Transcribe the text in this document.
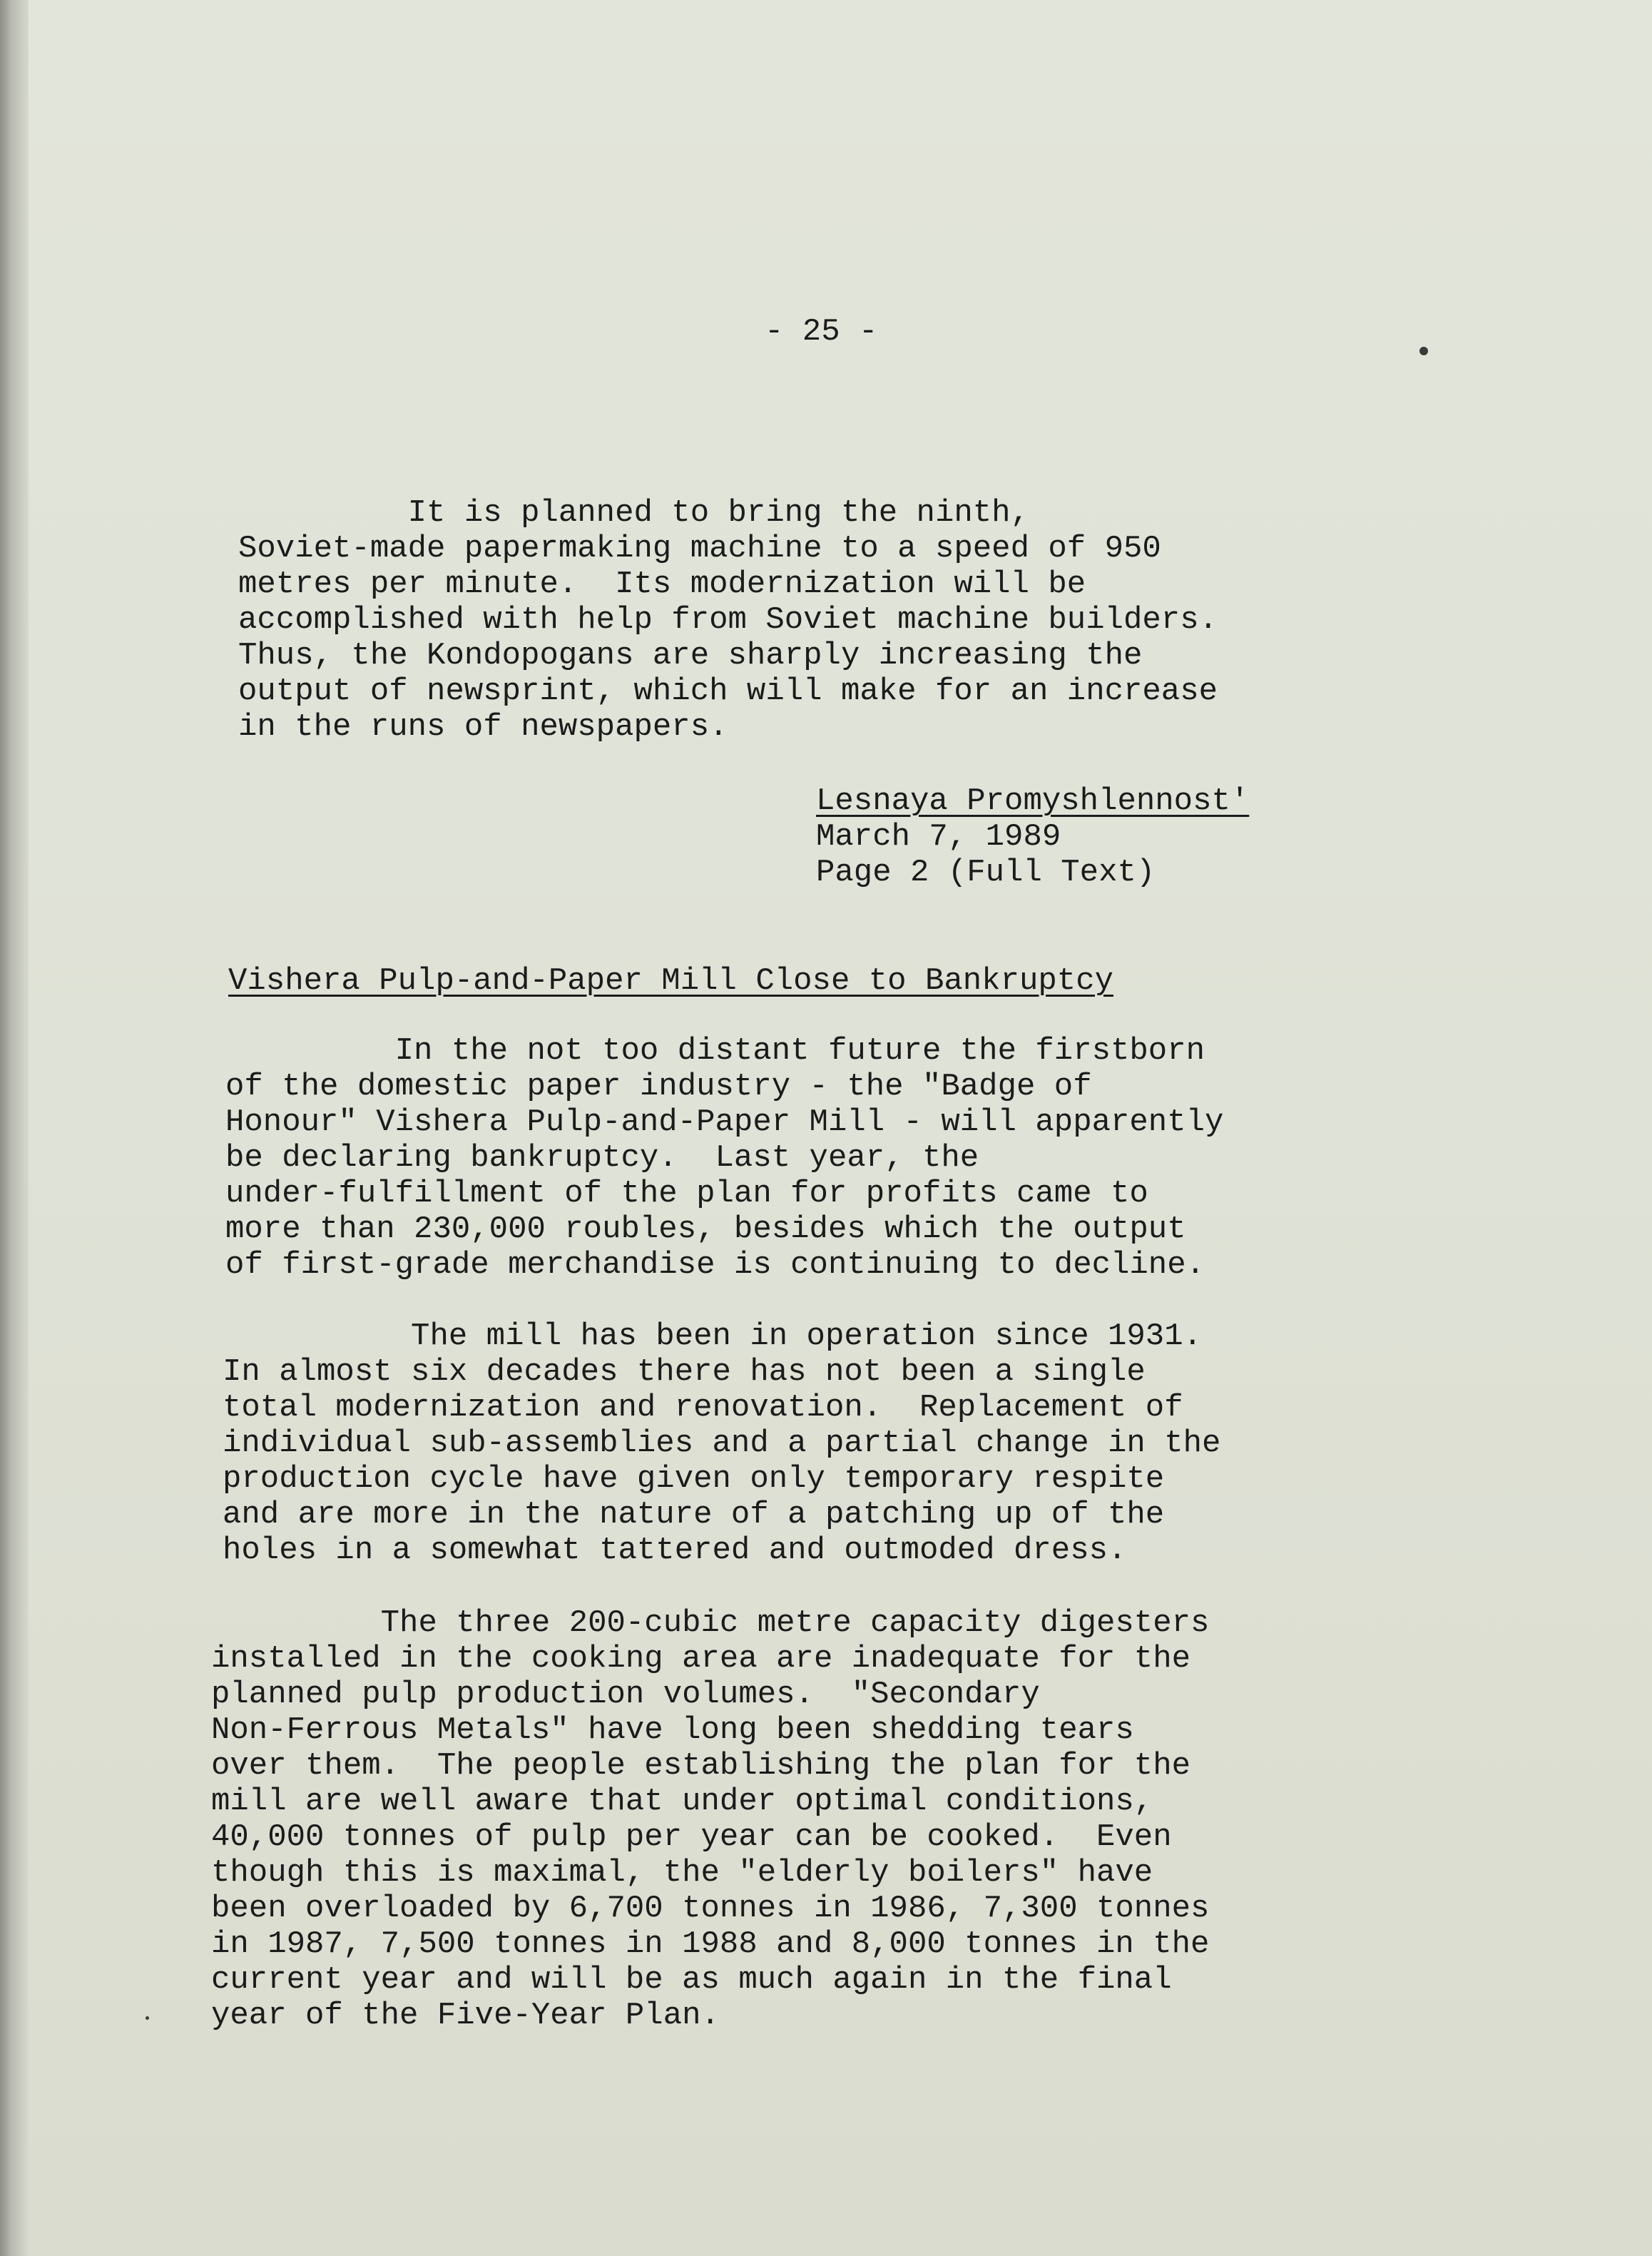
- 25 -
It is planned to bring the ninth,
Soviet-made papermaking machine to a speed of 950
metres per minute.  Its modernization will be
accomplished with help from Soviet machine builders.
Thus, the Kondopogans are sharply increasing the
output of newsprint, which will make for an increase
in the runs of newspapers.
Lesnaya Promyshlennost'
March 7, 1989
Page 2 (Full Text)
Vishera Pulp-and-Paper Mill Close to Bankruptcy
In the not too distant future the firstborn
of the domestic paper industry - the "Badge of
Honour" Vishera Pulp-and-Paper Mill - will apparently
be declaring bankruptcy.  Last year, the
under-fulfillment of the plan for profits came to
more than 230,000 roubles, besides which the output
of first-grade merchandise is continuing to decline.
The mill has been in operation since 1931.
In almost six decades there has not been a single
total modernization and renovation.  Replacement of
individual sub-assemblies and a partial change in the
production cycle have given only temporary respite
and are more in the nature of a patching up of the
holes in a somewhat tattered and outmoded dress.
The three 200-cubic metre capacity digesters
installed in the cooking area are inadequate for the
planned pulp production volumes.  "Secondary
Non-Ferrous Metals" have long been shedding tears
over them.  The people establishing the plan for the
mill are well aware that under optimal conditions,
40,000 tonnes of pulp per year can be cooked.  Even
though this is maximal, the "elderly boilers" have
been overloaded by 6,700 tonnes in 1986, 7,300 tonnes
in 1987, 7,500 tonnes in 1988 and 8,000 tonnes in the
current year and will be as much again in the final
year of the Five-Year Plan.
